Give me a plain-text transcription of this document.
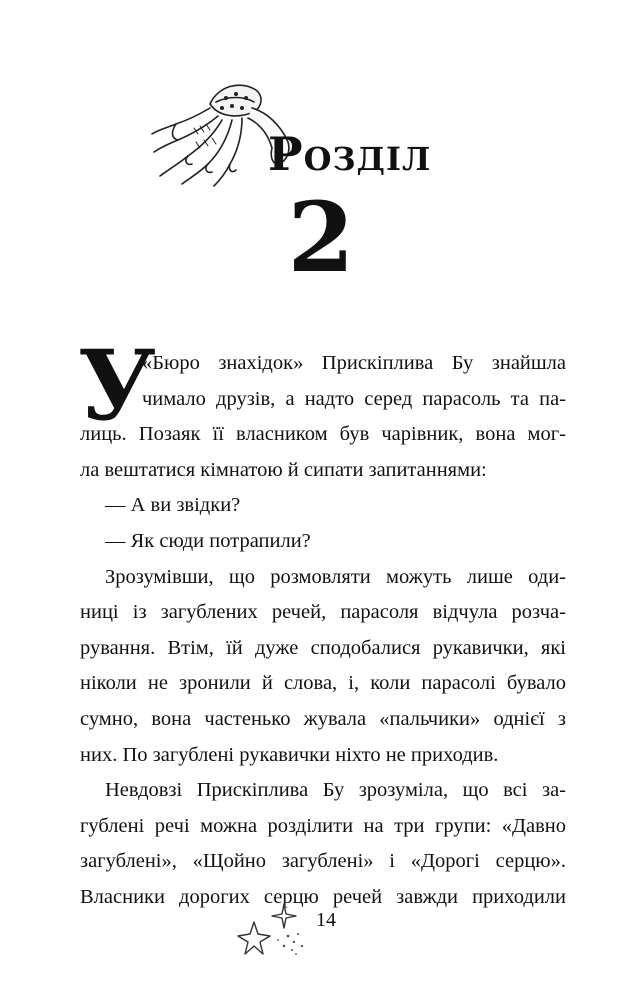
Розділ
2
У
«Бюро знахідок» Прискіплива Бу знайшла
чимало друзів, а надто серед парасоль та па-
лиць. Позаяк її власником був чарівник, вона мог-
ла вештатися кімнатою й сипати запитаннями:
— А ви звідки?
— Як сюди потрапили?
Зрозумівши, що розмовляти можуть лише оди-
ниці із загублених речей, парасоля відчула розча-
рування. Втім, їй дуже сподобалися рукавички, які
ніколи не зронили й слова, і, коли парасолі бувало
сумно, вона частенько жувала «пальчики» однієї з
них. По загублені рукавички ніхто не приходив.
Невдовзі Прискіплива Бу зрозуміла, що всі за-
гублені речі можна розділити на три групи: «Давно
загублені», «Щойно загублені» і «Дорогі серцю».
Власники дорогих серцю речей завжди приходили
14
